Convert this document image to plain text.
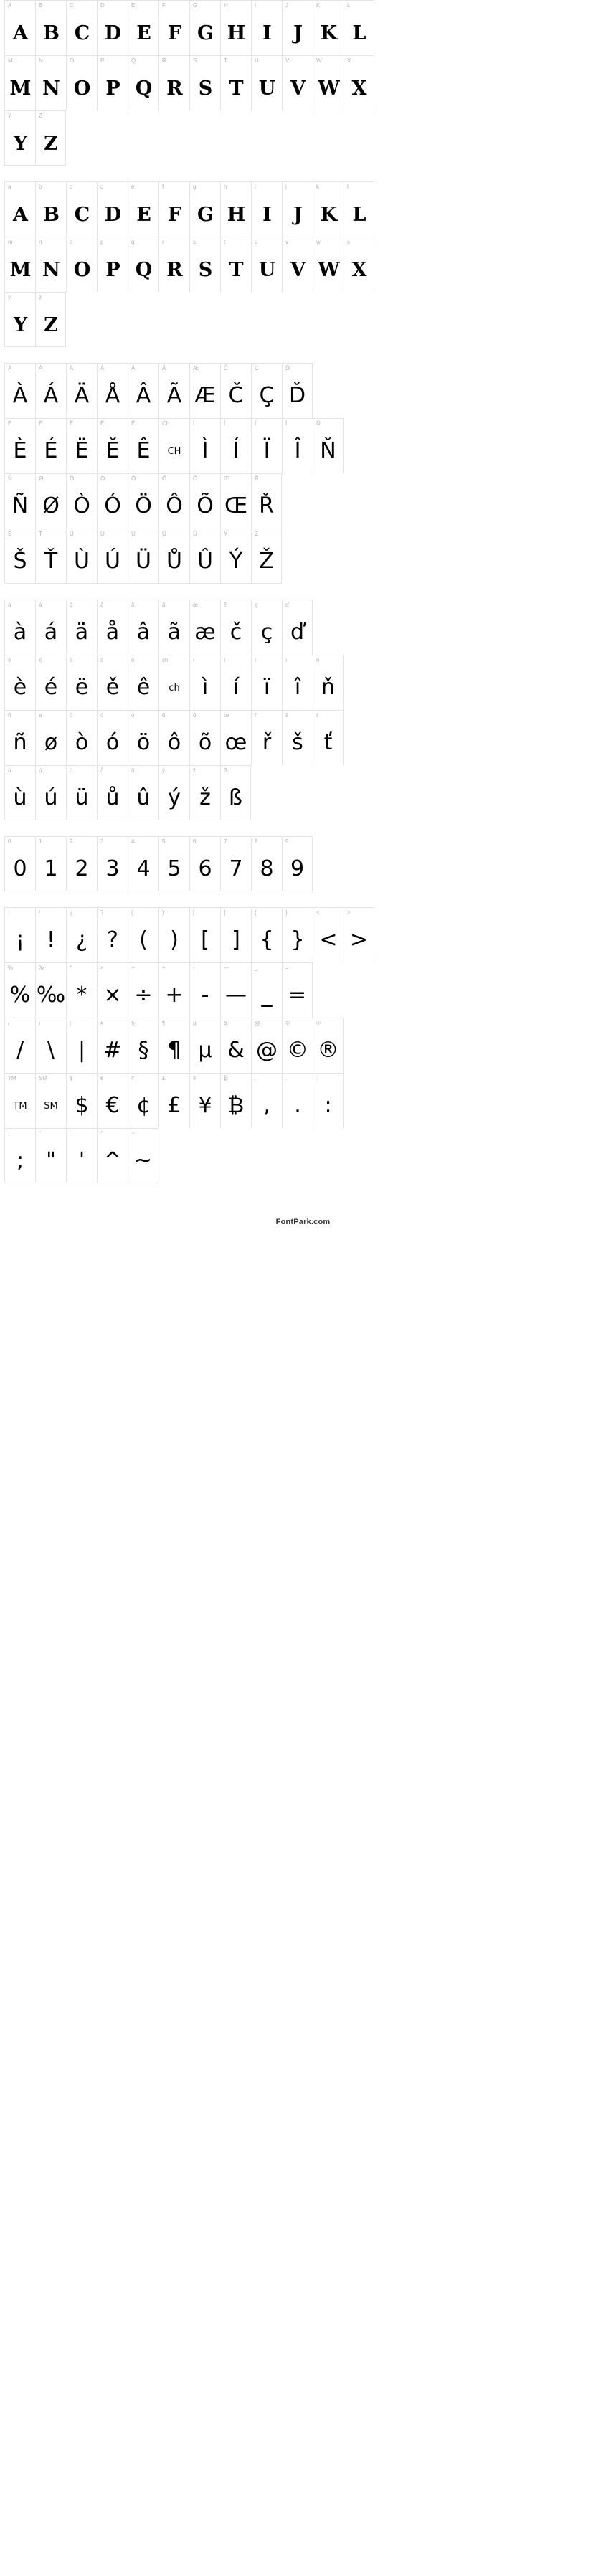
A
A
B
B
C
C
D
D
E
E
F
F
G
G
H
H
I
I
J
J
K
K
L
L
M
M
N
N
O
O
P
P
Q
Q
R
R
S
S
T
T
U
U
V
V
W
W
X
X
Y
Y
Z
Z
a
A
b
B
c
C
d
D
e
E
f
F
g
G
h
H
i
I
j
J
k
K
l
L
m
M
n
N
o
O
p
P
q
Q
r
R
s
S
t
T
u
U
v
V
w
W
x
X
y
Y
z
Z
À
À
Á
Á
Ä
Ä
Å
Å
Â
Â
Ã
Ã
Æ
Æ
Č
Č
Ç
Ç
Ď
Ď
È
È
É
É
Ë
Ë
Ě
Ě
Ê
Ê
Ch
CH
Ì
Ì
Í
Í
Ï
Ï
Î
Î
Ň
Ň
Ñ
Ñ
Ø
Ø
Ò
Ò
Ó
Ó
Ö
Ö
Ô
Ô
Õ
Õ
Œ
Œ
Ř
Ř
Š
Š
Ť
Ť
Ù
Ù
Ú
Ú
Ü
Ü
Ů
Ů
Û
Û
Ý
Ý
Ž
Ž
à
à
á
á
ä
ä
å
å
â
â
ã
ã
æ
æ
č
č
ç
ç
ď
ď
è
è
é
é
ë
ë
ě
ě
ê
ê
ch
ch
ì
ì
í
í
ï
ï
î
î
ň
ň
ñ
ñ
ø
ø
ò
ò
ó
ó
ö
ö
ô
ô
õ
õ
œ
œ
ř
ř
š
š
ť
ť
ù
ù
ú
ú
ü
ü
ů
ů
û
û
ý
ý
ž
ž
ß
ß
0
0
1
1
2
2
3
3
4
4
5
5
6
6
7
7
8
8
9
9
¡
¡
!
!
¿
¿
?
?
(
(
)
)
[
[
]
]
{
{
}
}
<
<
>
>
%
%
‰
‰
*
*
×
×
÷
÷
+
+
-
-
—
—
_
_
=
=
/
/
\
\
|
|
#
#
§
§
¶
¶
µ
µ
&
&
@
@
©
©
®
®
TM
TM
SM
SM
$
$
€
€
¢
¢
£
£
¥
¥
₿
₿
,
,
.
.
:
:
;
;
"
"
'
'
^
^
~
~
FontPark.com
